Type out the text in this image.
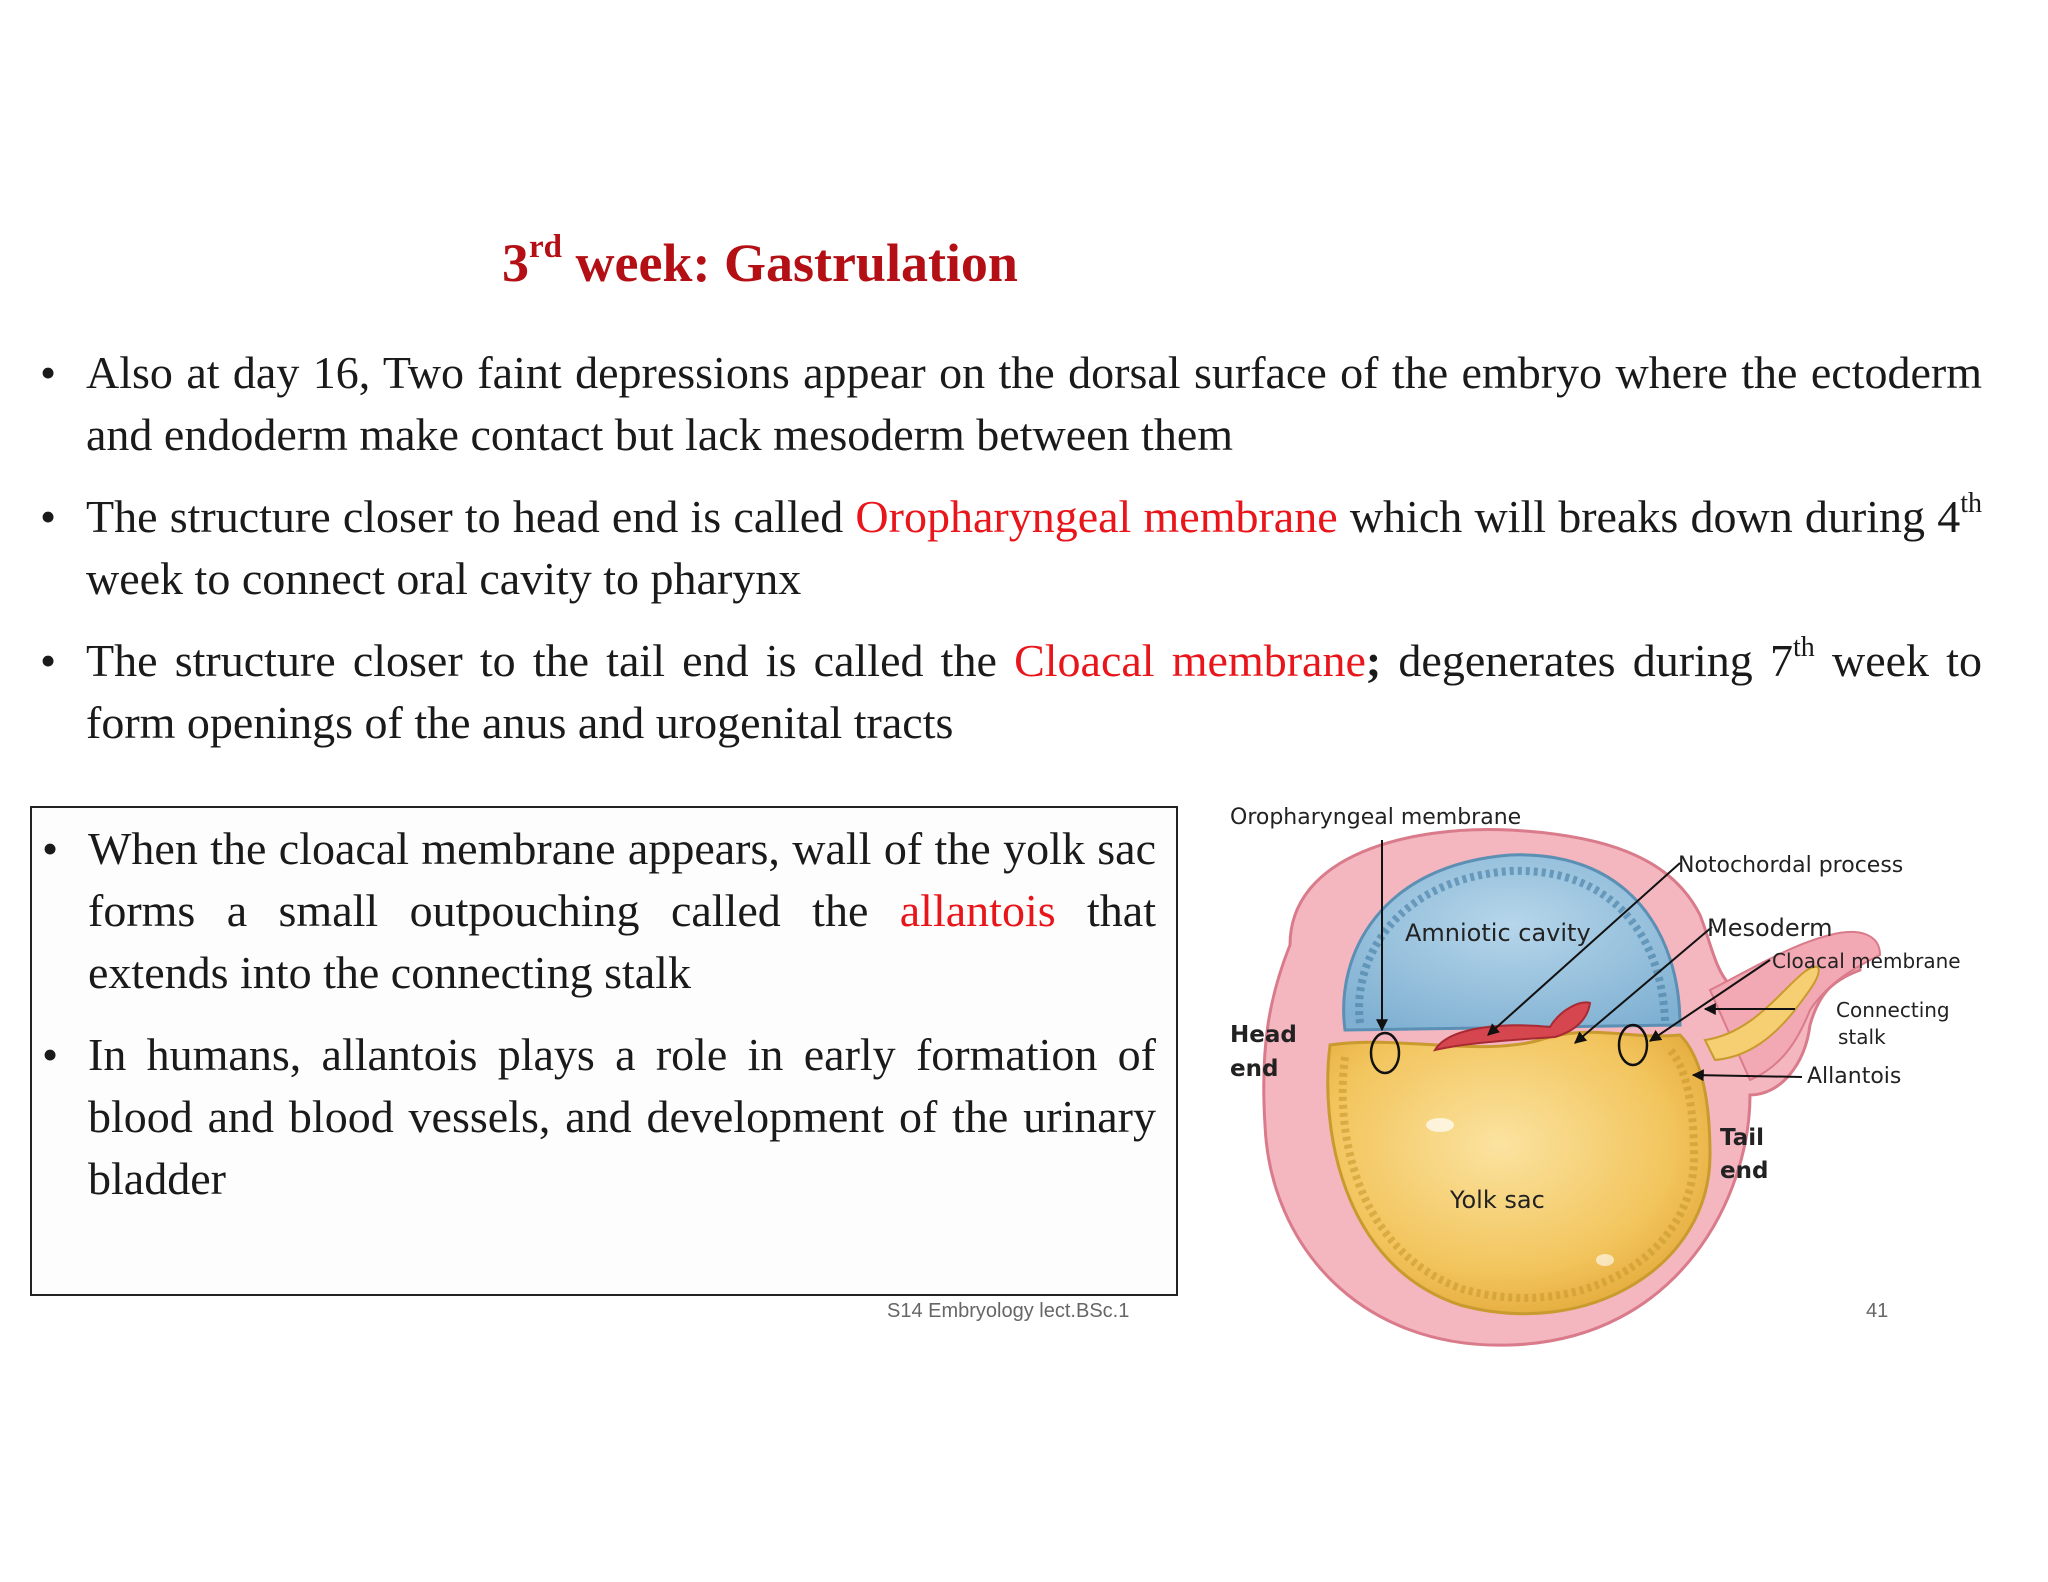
3rd week: Gastrulation
• Also at day 16, Two faint depressions appear on the dorsal surface of the embryo where the ectoderm and endoderm make contact but lack mesoderm between them
• The structure closer to head end is called Oropharyngeal membrane which will breaks down during 4th week to connect oral cavity to pharynx
• The structure closer to the tail end is called the Cloacal membrane; degenerates during 7th week to form openings of the anus and urogenital tracts
• When the cloacal membrane appears, wall of the yolk sac forms a small outpouching called the allantois that extends into the connecting stalk
• In humans, allantois plays a role in early formation of blood and blood vessels, and development of the urinary bladder
S14 Embryology lect.BSc.1	41
Oropharyngeal membrane
Notochordal process
Amniotic cavity	Mesoderm
Cloacal membrane
Connecting
stalk
Allantois
Head
end
Tail
end
Yolk sac
